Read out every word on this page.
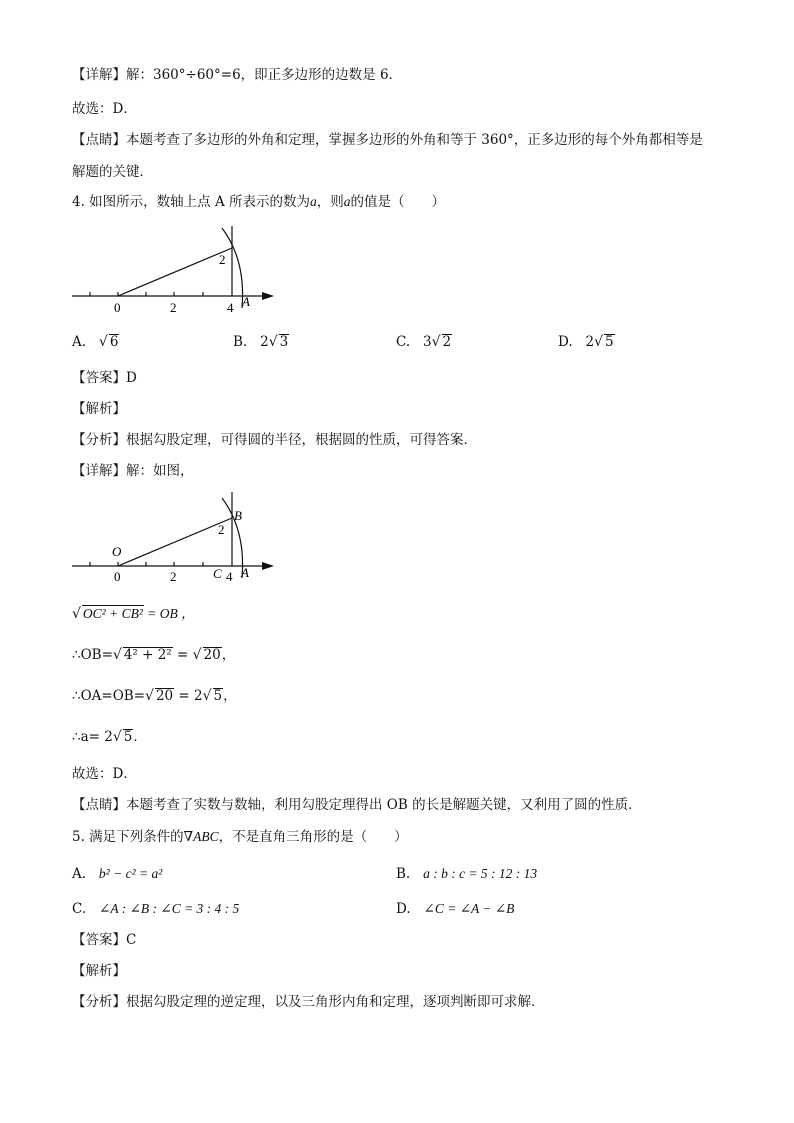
【详解】解：360°÷60°=6，即正多边形的边数是 6．
故选：D．
【点睛】本题考查了多边形的外角和定理，掌握多边形的外角和等于 360°，正多边形的每个外角都相等是
解题的关键．
4. 如图所示，数轴上点 A 所表示的数为a，则a的值是（　　）
0	2	4
2
A
A. √ 6	B. 2√ 3	C. 3√ 2	D. 2√ 5
【答案】D
【解析】
【分析】根据勾股定理，可得圆的半径，根据圆的性质，可得答案．
【详解】解：如图，
O
B
2
0	2	C 4 A
√ OC² + CB² = OB ，
∴OB=√ 4² + 2² = √ 20，
∴OA=OB=√ 20 = 2√ 5，
∴a= 2√ 5．
故选：D．
【点睛】本题考查了实数与数轴，利用勾股定理得出 OB 的长是解题关键，又利用了圆的性质．
5. 满足下列条件的∇ABC，不是直角三角形的是（　　）
A. b² − c² = a²	B. a : b : c = 5 : 12 : 13
C. ∠A : ∠B : ∠C = 3 : 4 : 5	D. ∠C = ∠A − ∠B
【答案】C
【解析】
【分析】根据勾股定理的逆定理，以及三角形内角和定理，逐项判断即可求解．
